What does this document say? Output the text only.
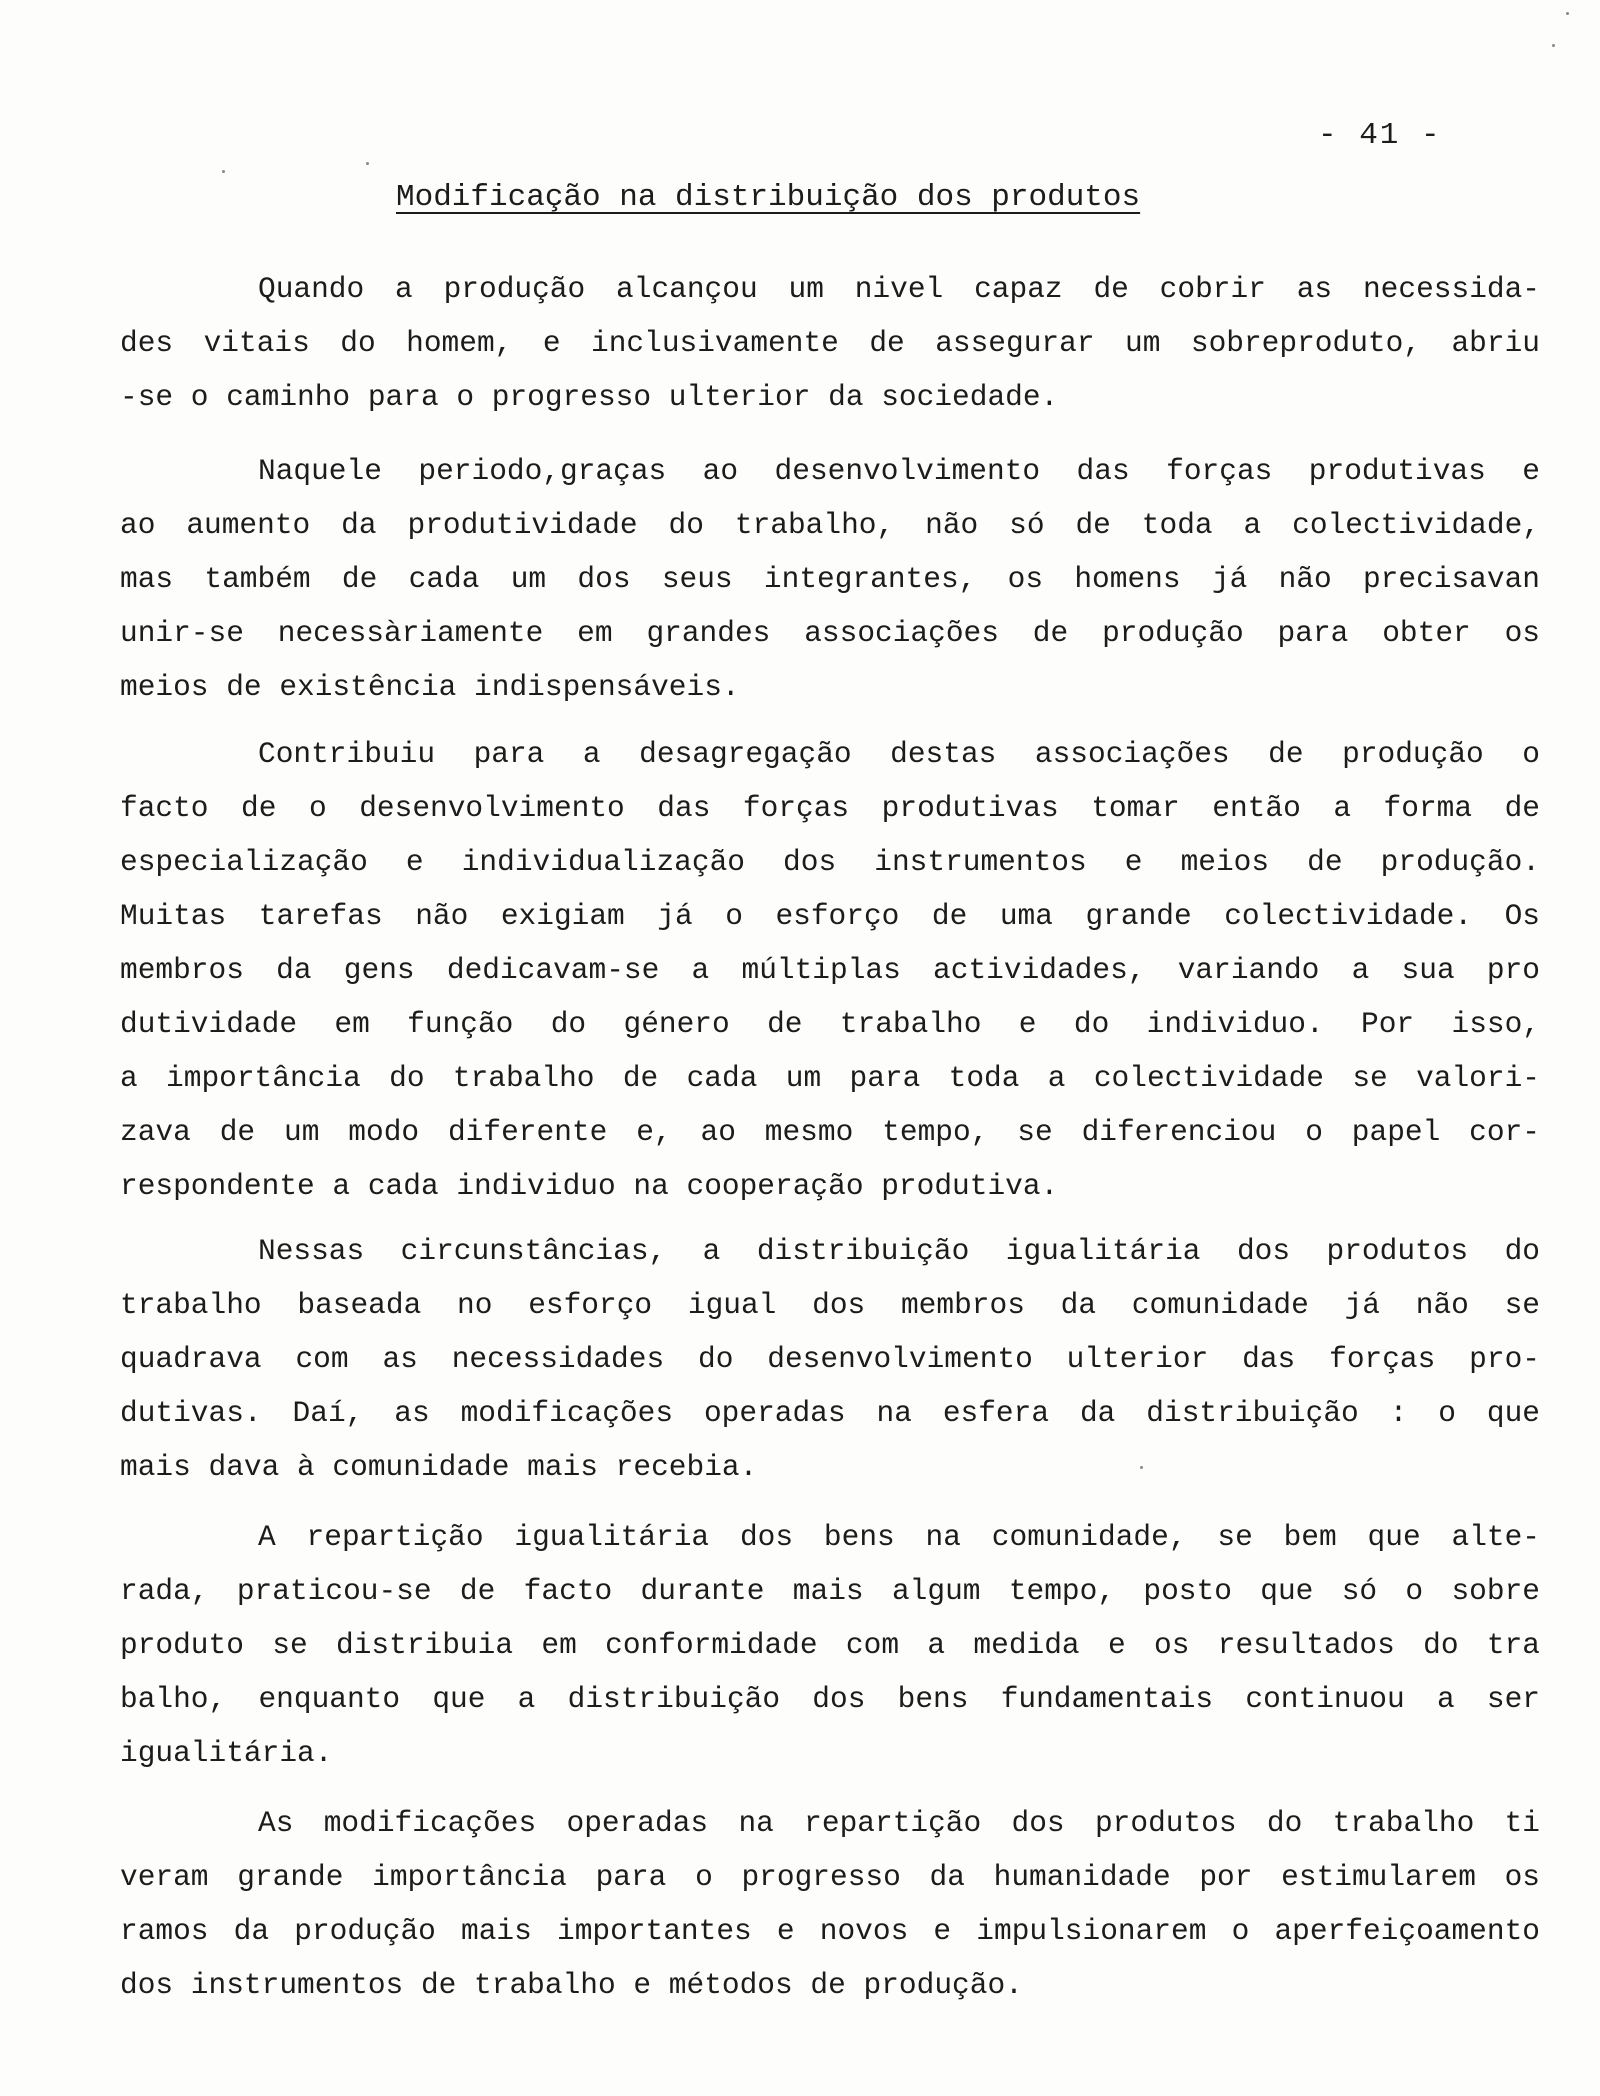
- 41 -
Modificação na distribuição dos produtos
Quando a produção alcançou um nivel capaz de cobrir as necessida-
des vitais do homem, e inclusivamente de assegurar um sobreproduto, abriu
-se o caminho para o progresso ulterior da sociedade.
Naquele periodo,graças ao desenvolvimento das forças produtivas e
ao aumento da produtividade do trabalho, não só de toda a colectividade,
mas também de cada um dos seus integrantes, os homens já não precisavan
unir-se necessàriamente em grandes associações de produção para obter os
meios de existência indispensáveis.
Contribuiu para a desagregação destas associações de produção o
facto de o desenvolvimento das forças produtivas tomar então a forma de
especialização e individualização dos instrumentos e meios de produção.
Muitas tarefas não exigiam já o esforço de uma grande colectividade. Os
membros da gens dedicavam-se a múltiplas actividades, variando a sua pro
dutividade em função do género de trabalho e do individuo. Por isso,
a importância do trabalho de cada um para toda a colectividade se valori-
zava de um modo diferente e, ao mesmo tempo, se diferenciou o papel cor-
respondente a cada individuo na cooperação produtiva.
Nessas circunstâncias, a distribuição igualitária dos produtos do
trabalho baseada no esforço igual dos membros da comunidade já não se
quadrava com as necessidades do desenvolvimento ulterior das forças pro-
dutivas. Daí, as modificações operadas na esfera da distribuição : o que
mais dava à comunidade mais recebia.
A repartição igualitária dos bens na comunidade, se bem que alte-
rada, praticou-se de facto durante mais algum tempo, posto que só o sobre
produto se distribuia em conformidade com a medida e os resultados do tra
balho, enquanto que a distribuição dos bens fundamentais continuou a ser
igualitária.
As modificações operadas na repartição dos produtos do trabalho ti
veram grande importância para o progresso da humanidade por estimularem os
ramos da produção mais importantes e novos e impulsionarem o aperfeiçoamento
dos instrumentos de trabalho e métodos de produção.
